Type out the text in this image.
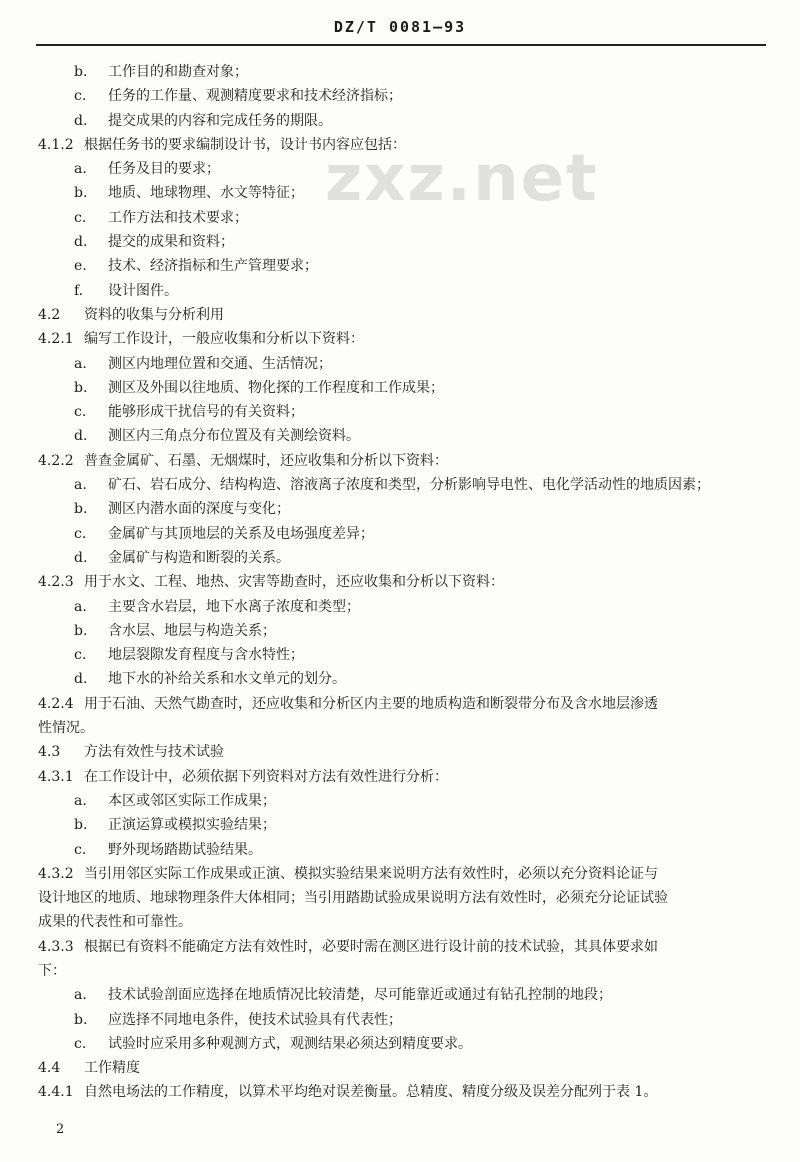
DZ/T 0081—93
zxz.net
b. 工作目的和勘查对象；
c. 任务的工作量、观测精度要求和技术经济指标；
d. 提交成果的内容和完成任务的期限。
4.1.2 根据任务书的要求编制设计书，设计书内容应包括：
a. 任务及目的要求；
b. 地质、地球物理、水文等特征；
c. 工作方法和技术要求；
d. 提交的成果和资料；
e. 技术、经济指标和生产管理要求；
f. 设计图件。
4.2 资料的收集与分析利用
4.2.1 编写工作设计，一般应收集和分析以下资料：
a. 测区内地理位置和交通、生活情况；
b. 测区及外围以往地质、物化探的工作程度和工作成果；
c. 能够形成干扰信号的有关资料；
d. 测区内三角点分布位置及有关测绘资料。
4.2.2 普查金属矿、石墨、无烟煤时，还应收集和分析以下资料：
a. 矿石、岩石成分、结构构造、溶液离子浓度和类型，分析影响导电性、电化学活动性的地质因素；
b. 测区内潜水面的深度与变化；
c. 金属矿与其顶地层的关系及电场强度差异；
d. 金属矿与构造和断裂的关系。
4.2.3 用于水文、工程、地热、灾害等勘查时，还应收集和分析以下资料：
a. 主要含水岩层，地下水离子浓度和类型；
b. 含水层、地层与构造关系；
c. 地层裂隙发育程度与含水特性；
d. 地下水的补给关系和水文单元的划分。
4.2.4 用于石油、天然气勘查时，还应收集和分析区内主要的地质构造和断裂带分布及含水地层渗透
性情况。
4.3 方法有效性与技术试验
4.3.1 在工作设计中，必须依据下列资料对方法有效性进行分析：
a. 本区或邻区实际工作成果；
b. 正演运算或模拟实验结果；
c. 野外现场踏勘试验结果。
4.3.2 当引用邻区实际工作成果或正演、模拟实验结果来说明方法有效性时，必须以充分资料论证与
设计地区的地质、地球物理条件大体相同；当引用踏勘试验成果说明方法有效性时，必须充分论证试验
成果的代表性和可靠性。
4.3.3 根据已有资料不能确定方法有效性时，必要时需在测区进行设计前的技术试验，其具体要求如
下：
a. 技术试验剖面应选择在地质情况比较清楚，尽可能靠近或通过有钻孔控制的地段；
b. 应选择不同地电条件，使技术试验具有代表性；
c. 试验时应采用多种观测方式，观测结果必须达到精度要求。
4.4 工作精度
4.4.1 自然电场法的工作精度，以算术平均绝对误差衡量。总精度、精度分级及误差分配列于表 1。
2
